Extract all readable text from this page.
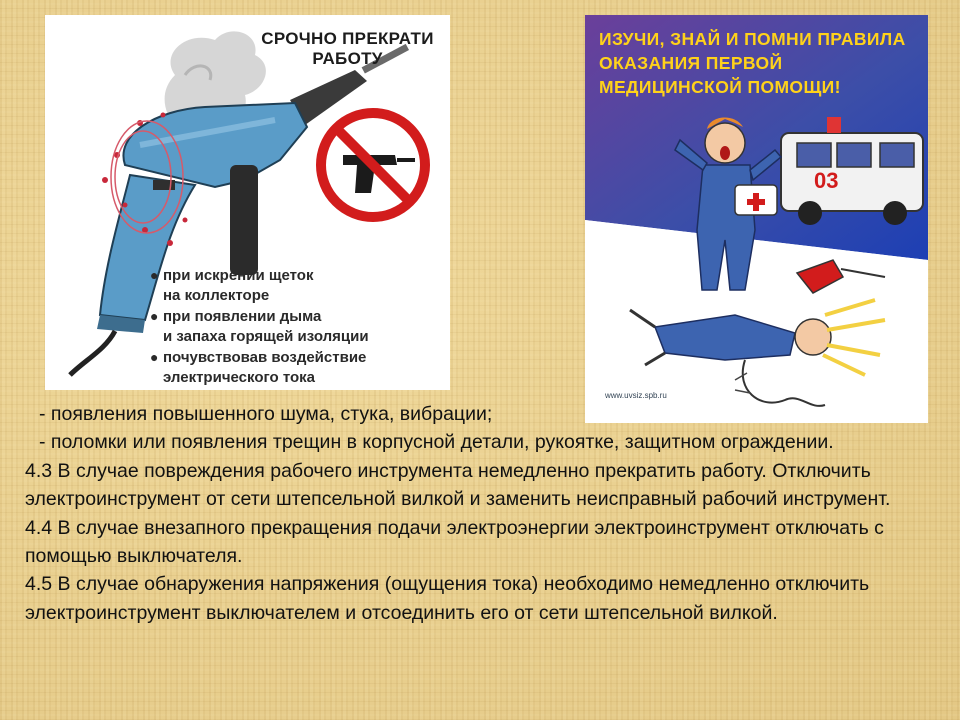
СРОЧНО ПРЕКРАТИ РАБОТУ
● при искрении щеток
на коллекторе
● при появлении дыма
и запаха горящей изоляции
● почувствовав воздействие
электрического тока
03
ИЗУЧИ, ЗНАЙ И ПОМНИ ПРАВИЛА ОКАЗАНИЯ ПЕРВОЙ МЕДИЦИНСКОЙ ПОМОЩИ!
www.uvsiz.spb.ru

- появления повышенного шума, стука, вибрации;

- поломки или появления трещин в корпусной детали, рукоятке, защитном ограждении.

4.3 В случае повреждения рабочего инструмента немедленно прекратить работу. Отключить электроинструмент от сети штепсельной вилкой и заменить неисправный рабочий инструмент.

4.4 В случае внезапного прекращения подачи электроэнергии электроинструмент отключать с помощью выключателя.

4.5 В случае обнаружения напряжения (ощущения тока) необходимо немедленно отключить электроинструмент выключателем и отсоединить его от сети штепсельной вилкой.
